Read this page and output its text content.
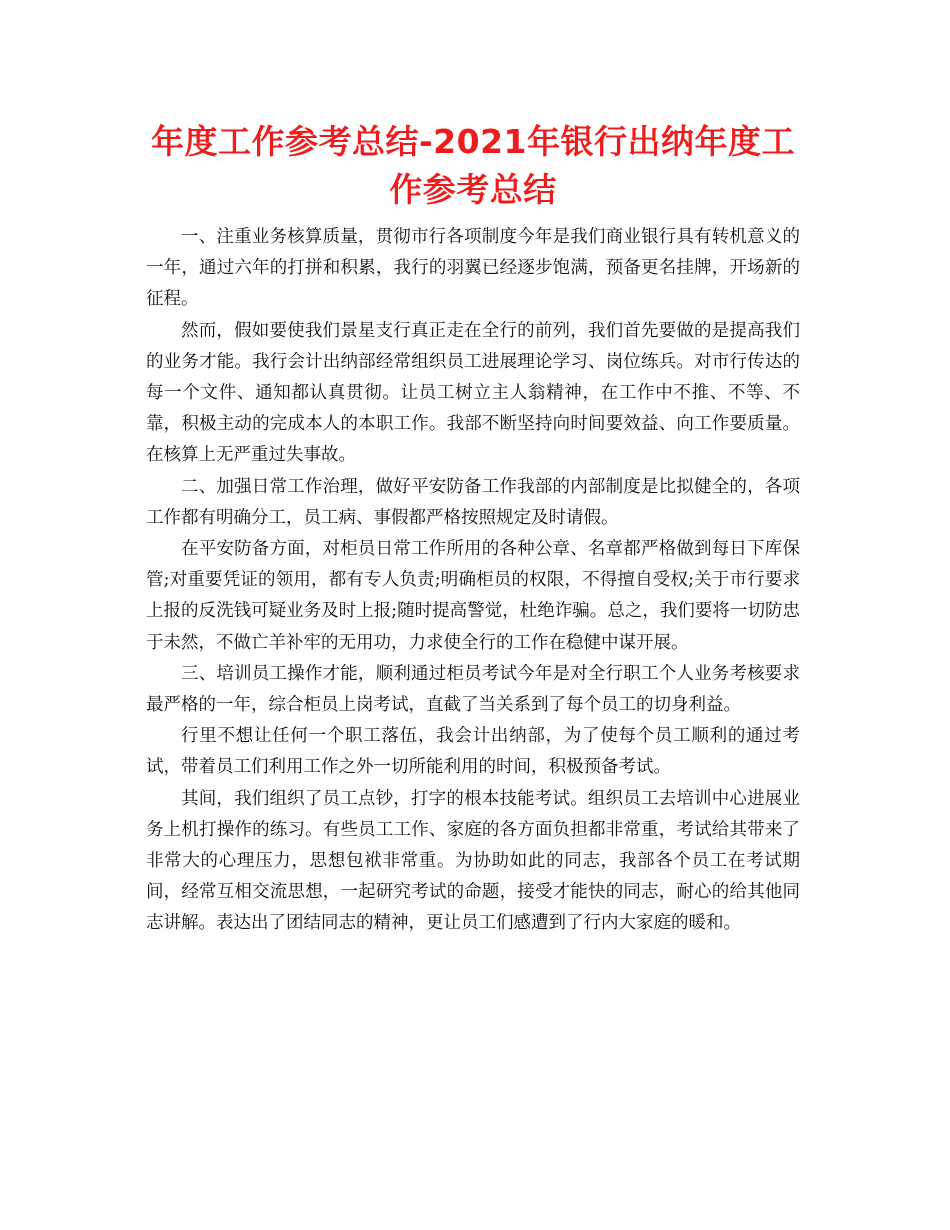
年度工作参考总结-2021年银行出纳年度工作参考总结

一、注重业务核算质量，贯彻市行各项制度今年是我们商业银行具有转机意义的一年，通过六年的打拼和积累，我行的羽翼已经逐步饱满，预备更名挂牌，开场新的征程。

然而，假如要使我们景星支行真正走在全行的前列，我们首先要做的是提高我们的业务才能。我行会计出纳部经常组织员工进展理论学习、岗位练兵。对市行传达的每一个文件、通知都认真贯彻。让员工树立主人翁精神，在工作中不推、不等、不靠，积极主动的完成本人的本职工作。我部不断坚持向时间要效益、向工作要质量。在核算上无严重过失事故。

二、加强日常工作治理，做好平安防备工作我部的内部制度是比拟健全的，各项工作都有明确分工，员工病、事假都严格按照规定及时请假。

在平安防备方面，对柜员日常工作所用的各种公章、名章都严格做到每日下库保管;对重要凭证的领用，都有专人负责;明确柜员的权限，不得擅自受权;关于市行要求上报的反洗钱可疑业务及时上报;随时提高警觉，杜绝诈骗。总之，我们要将一切防忠于未然，不做亡羊补牢的无用功，力求使全行的工作在稳健中谋开展。

三、培训员工操作才能，顺利通过柜员考试今年是对全行职工个人业务考核要求最严格的一年，综合柜员上岗考试，直截了当关系到了每个员工的切身利益。

行里不想让任何一个职工落伍，我会计出纳部，为了使每个员工顺利的通过考试，带着员工们利用工作之外一切所能利用的时间，积极预备考试。

其间，我们组织了员工点钞，打字的根本技能考试。组织员工去培训中心进展业务上机打操作的练习。有些员工工作、家庭的各方面负担都非常重，考试给其带来了非常大的心理压力，思想包袱非常重。为协助如此的同志，我部各个员工在考试期间，经常互相交流思想，一起研究考试的命题，接受才能快的同志，耐心的给其他同志讲解。表达出了团结同志的精神，更让员工们感遭到了行内大家庭的暖和。
